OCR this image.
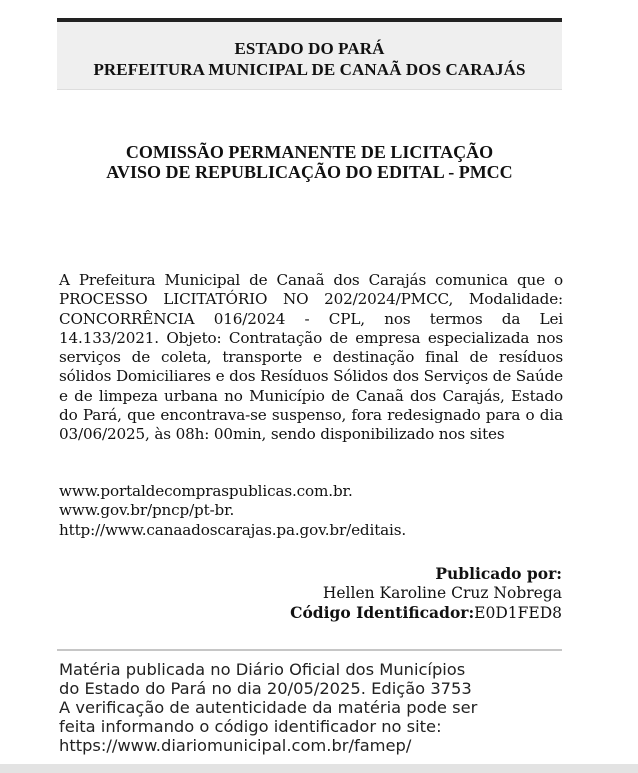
ESTADO DO PARÁ
PREFEITURA MUNICIPAL DE CANAÃ DOS CARAJÁS
COMISSÃO PERMANENTE DE LICITAÇÃO
AVISO DE REPUBLICAÇÃO DO EDITAL - PMCC
A Prefeitura Municipal de Canaã dos Carajás comunica que o PROCESSO LICITATÓRIO NO 202/2024/PMCC, Modalidade: CONCORRÊNCIA 016/2024 - CPL, nos termos da Lei 14.133/2021. Objeto: Contratação de empresa especializada nos serviços de coleta, transporte e destinação final de resíduos sólidos Domiciliares e dos Resíduos Sólidos dos Serviços de Saúde e de limpeza urbana no Município de Canaã dos Carajás, Estado do Pará, que encontrava-se suspenso, fora redesignado para o dia 03/06/2025, às 08h: 00min, sendo disponibilizado nos sites
www.portaldecompraspublicas.com.br.
www.gov.br/pncp/pt-br.
http://www.canaadoscarajas.pa.gov.br/editais.
Publicado por:
Hellen Karoline Cruz Nobrega
Código Identificador:E0D1FED8
Matéria publicada no Diário Oficial dos Municípios
do Estado do Pará no dia 20/05/2025. Edição 3753
A verificação de autenticidade da matéria pode ser
feita informando o código identificador no site:
https://www.diariomunicipal.com.br/famep/
